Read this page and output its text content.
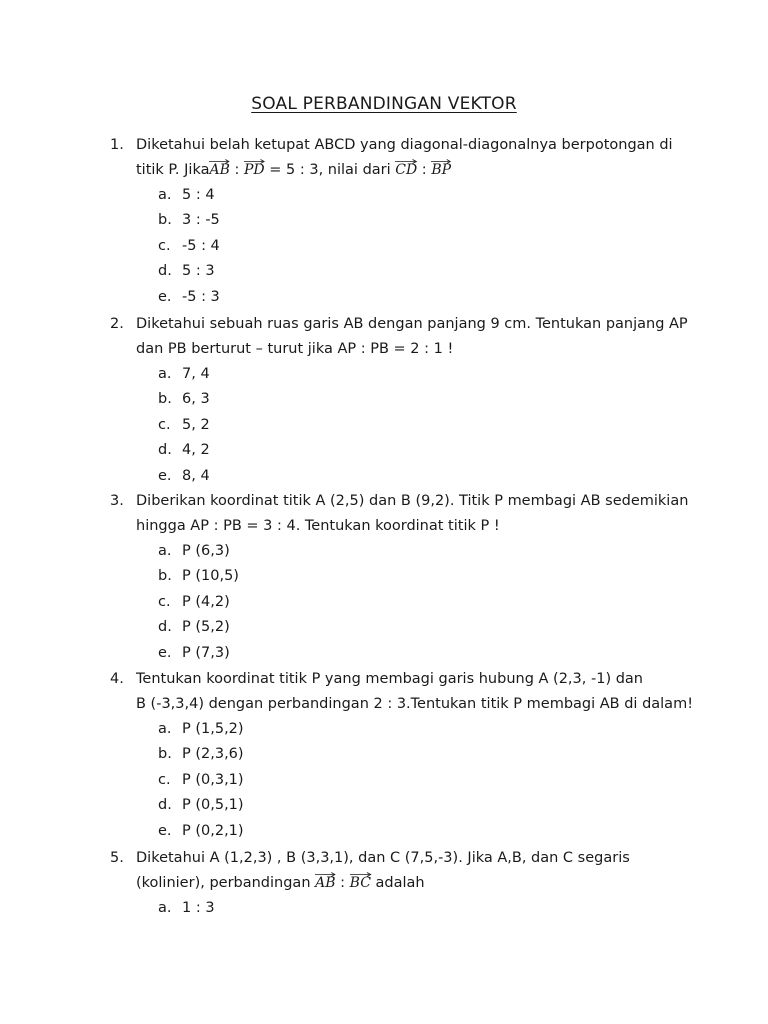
SOAL PERBANDINGAN VEKTOR
1. Diketahui belah ketupat ABCD yang diagonal-diagonalnya berpotongan di
titik P. Jika
AB :
PD = 5 : 3, nilai dari
CD :
BP
a. 5 : 4
b. 3 : -5
c. -5 : 4
d. 5 : 3
e. -5 : 3
2. Diketahui sebuah ruas garis AB dengan panjang 9 cm. Tentukan panjang AP
dan PB berturut – turut jika AP : PB = 2 : 1 !
a. 7, 4
b. 6, 3
c. 5, 2
d. 4, 2
e. 8, 4
3. Diberikan koordinat titik A (2,5) dan B (9,2). Titik P membagi AB sedemikian
hingga AP : PB = 3 : 4. Tentukan koordinat titik P !
a. P (6,3)
b. P (10,5)
c. P (4,2)
d. P (5,2)
e. P (7,3)
4. Tentukan koordinat titik P yang membagi garis hubung A (2,3, -1) dan
B (-3,3,4) dengan perbandingan 2 : 3.Tentukan titik P membagi AB di dalam!
a. P (1,5,2)
b. P (2,3,6)
c. P (0,3,1)
d. P (0,5,1)
e. P (0,2,1)
5. Diketahui A (1,2,3) , B (3,3,1), dan C (7,5,-3). Jika A,B, dan C segaris
(kolinier), perbandingan
AB :
BC adalah
a. 1 : 3
